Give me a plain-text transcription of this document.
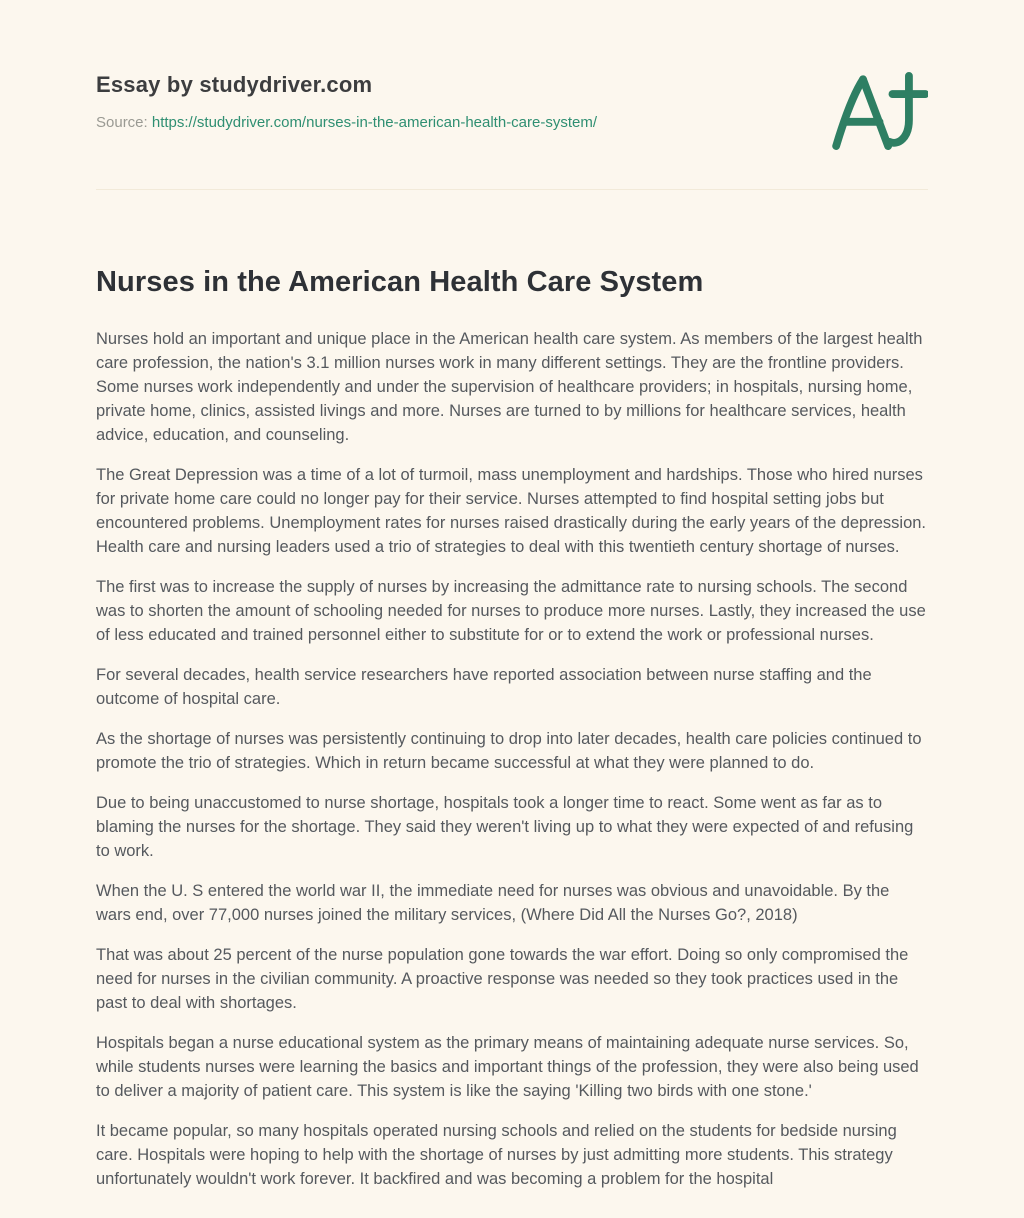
Essay by studydriver.com

Source: https://studydriver.com/nurses-in-the-american-health-care-system/

Nurses in the American Health Care System

Nurses hold an important and unique place in the American health care system. As members of the largest health care profession, the nation's 3.1 million nurses work in many different settings. They are the frontline providers. Some nurses work independently and under the supervision of healthcare providers; in hospitals, nursing home, private home, clinics, assisted livings and more. Nurses are turned to by millions for healthcare services, health advice, education, and counseling.

The Great Depression was a time of a lot of turmoil, mass unemployment and hardships. Those who hired nurses for private home care could no longer pay for their service. Nurses attempted to find hospital setting jobs but encountered problems. Unemployment rates for nurses raised drastically during the early years of the depression. Health care and nursing leaders used a trio of strategies to deal with this twentieth century shortage of nurses.

The first was to increase the supply of nurses by increasing the admittance rate to nursing schools. The second was to shorten the amount of schooling needed for nurses to produce more nurses. Lastly, they increased the use of less educated and trained personnel either to substitute for or to extend the work or professional nurses.

For several decades, health service researchers have reported association between nurse staffing and the outcome of hospital care.

As the shortage of nurses was persistently continuing to drop into later decades, health care policies continued to promote the trio of strategies. Which in return became successful at what they were planned to do.

Due to being unaccustomed to nurse shortage, hospitals took a longer time to react. Some went as far as to blaming the nurses for the shortage. They said they weren't living up to what they were expected of and refusing to work.

When the U. S entered the world war II, the immediate need for nurses was obvious and unavoidable. By the wars end, over 77,000 nurses joined the military services, (Where Did All the Nurses Go?, 2018)

That was about 25 percent of the nurse population gone towards the war effort. Doing so only compromised the need for nurses in the civilian community. A proactive response was needed so they took practices used in the past to deal with shortages.

Hospitals began a nurse educational system as the primary means of maintaining adequate nurse services. So, while students nurses were learning the basics and important things of the profession, they were also being used to deliver a majority of patient care. This system is like the saying 'Killing two birds with one stone.'

It became popular, so many hospitals operated nursing schools and relied on the students for bedside nursing care. Hospitals were hoping to help with the shortage of nurses by just admitting more students. This strategy unfortunately wouldn't work forever. It backfired and was becoming a problem for the hospital
